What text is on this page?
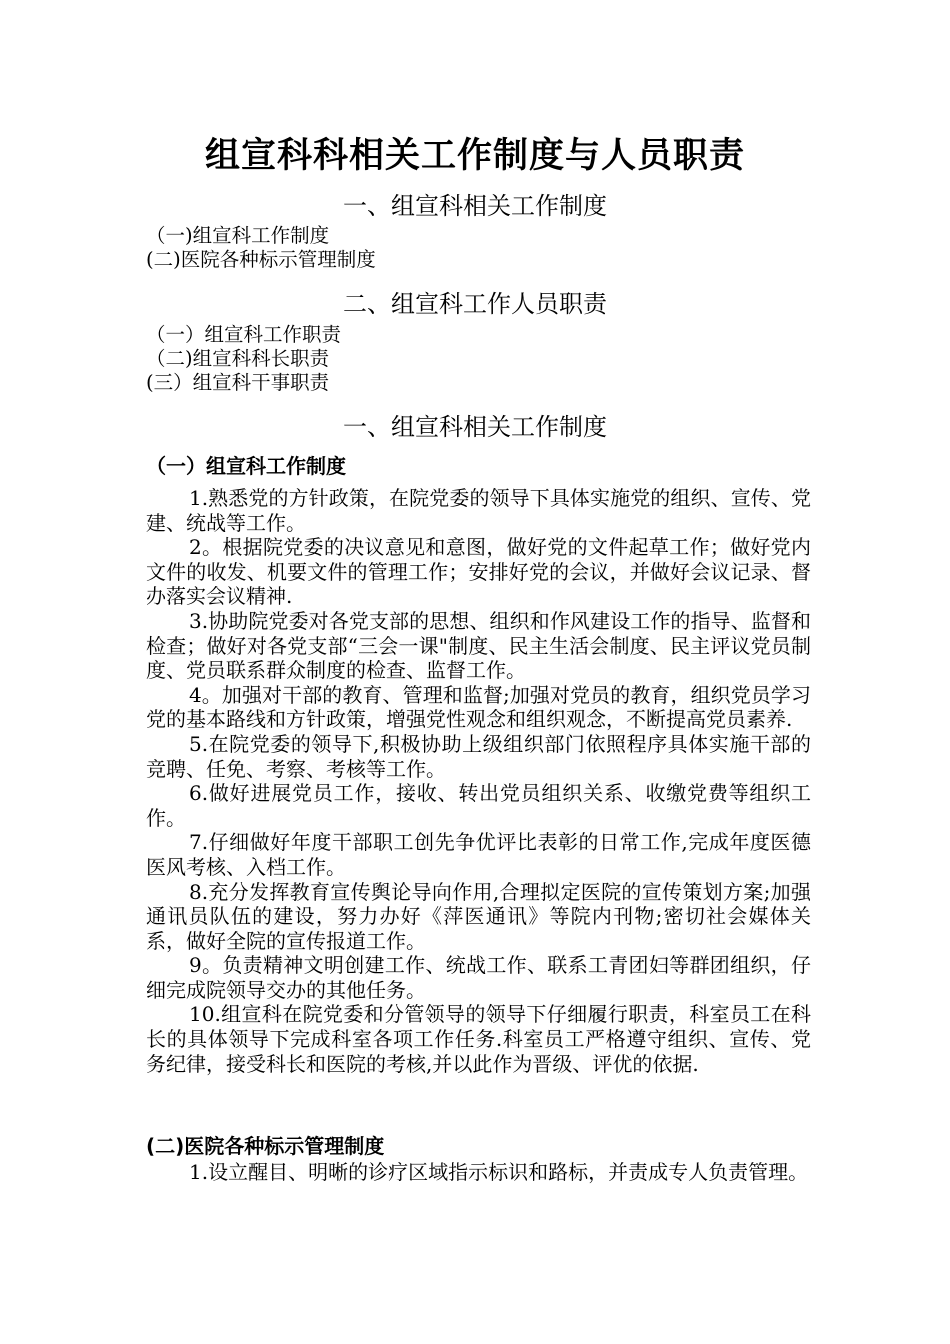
组宣科科相关工作制度与人员职责
一、组宣科相关工作制度
（一)组宣科工作制度
(二)医院各种标示管理制度
二、组宣科工作人员职责
（一）组宣科工作职责
（二)组宣科科长职责
(三）组宣科干事职责
一、组宣科相关工作制度
（一）组宣科工作制度

1.熟悉党的方针政策，在院党委的领导下具体实施党的组织、宣传、党建、统战等工作。

2。根据院党委的决议意见和意图，做好党的文件起草工作；做好党内文件的收发、机要文件的管理工作；安排好党的会议，并做好会议记录、督办落实会议精神.

3.协助院党委对各党支部的思想、组织和作风建设工作的指导、监督和检查；做好对各党支部“三会一课"制度、民主生活会制度、民主评议党员制度、党员联系群众制度的检查、监督工作。

4。加强对干部的教育、管理和监督;加强对党员的教育，组织党员学习党的基本路线和方针政策，增强党性观念和组织观念，不断提高党员素养.

5.在院党委的领导下,积极协助上级组织部门依照程序具体实施干部的竞聘、任免、考察、考核等工作。

6.做好进展党员工作，接收、转出党员组织关系、收缴党费等组织工作。

7.仔细做好年度干部职工创先争优评比表彰的日常工作,完成年度医德医风考核、入档工作。

8.充分发挥教育宣传舆论导向作用,合理拟定医院的宣传策划方案;加强通讯员队伍的建设，努力办好《萍医通讯》等院内刊物;密切社会媒体关系，做好全院的宣传报道工作。

9。负责精神文明创建工作、统战工作、联系工青团妇等群团组织，仔细完成院领导交办的其他任务。

10.组宣科在院党委和分管领导的领导下仔细履行职责，科室员工在科长的具体领导下完成科室各项工作任务.科室员工严格遵守组织、宣传、党务纪律，接受科长和医院的考核,并以此作为晋级、评优的依据.

(二)医院各种标示管理制度

1.设立醒目、明晰的诊疗区域指示标识和路标，并责成专人负责管理。
